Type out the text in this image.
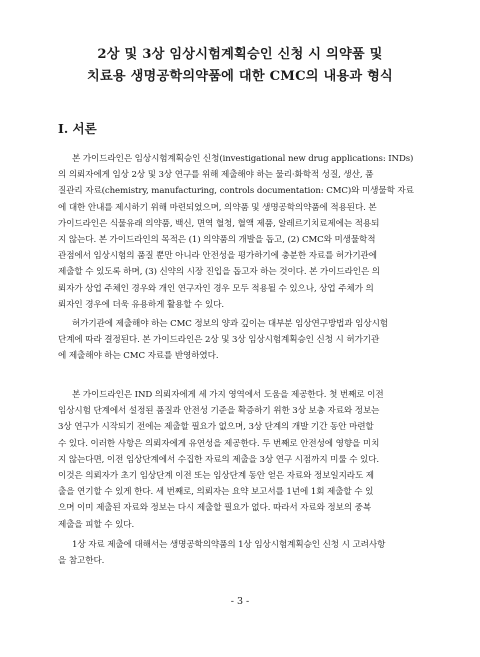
2상 및 3상 임상시험계획승인 신청 시 의약품 및
치료용 생명공학의약품에 대한 CMC의 내용과 형식
I. 서론
본 가이드라인은 임상시험계획승인 신청(investigational new drug applications: INDs)
의 의뢰자에게 임상 2상 및 3상 연구를 위해 제출해야 하는 물리·화학적 성질, 생산, 품
질관리 자료(chemistry, manufacturing, controls documentation: CMC)와 미생물학 자료
에 대한 안내를 제시하기 위해 마련되었으며, 의약품 및 생명공학의약품에 적용된다. 본
가이드라인은 식물유래 의약품, 백신, 면역 혈청, 혈액 제품, 알레르기치료제에는 적용되
지 않는다. 본 가이드라인의 목적은 (1) 의약품의 개발을 돕고, (2) CMC와 미생물학적
관점에서 임상시험의 품질 뿐만 아니라 안전성을 평가하기에 충분한 자료를 허가기관에
제출할 수 있도록 하며, (3) 신약의 시장 진입을 돕고자 하는 것이다. 본 가이드라인은 의
뢰자가 상업 주체인 경우와 개인 연구자인 경우 모두 적용될 수 있으나, 상업 주체가 의
뢰자인 경우에 더욱 유용하게 활용할 수 있다.
허가기관에 제출해야 하는 CMC 정보의 양과 깊이는 대부분 임상연구방법과 임상시험
단계에 따라 결정된다. 본 가이드라인은 2상 및 3상 임상시험계획승인 신청 시 허가기관
에 제출해야 하는 CMC 자료를 반영하였다.
본 가이드라인은 IND 의뢰자에게 세 가지 영역에서 도움을 제공한다. 첫 번째로 이전
임상시험 단계에서 설정된 품질과 안전성 기준을 확증하기 위한 3상 보충 자료와 정보는
3상 연구가 시작되기 전에는 제출할 필요가 없으며, 3상 단계의 개발 기간 동안 마련할
수 있다. 이러한 사항은 의뢰자에게 유연성을 제공한다. 두 번째로 안전성에 영향을 미치
지 않는다면, 이전 임상단계에서 수집한 자료의 제출을 3상 연구 시점까지 미룰 수 있다.
이것은 의뢰자가 초기 임상단계 이전 또는 임상단계 동안 얻은 자료와 정보일지라도 제
출을 연기할 수 있게 한다. 세 번째로, 의뢰자는 요약 보고서를 1년에 1회 제출할 수 있
으며 이미 제출된 자료와 정보는 다시 제출할 필요가 없다. 따라서 자료와 정보의 중복
제출을 피할 수 있다.
1상 자료 제출에 대해서는 생명공학의약품의 1상 임상시험계획승인 신청 시 고려사항
을 참고한다.
- 3 -
